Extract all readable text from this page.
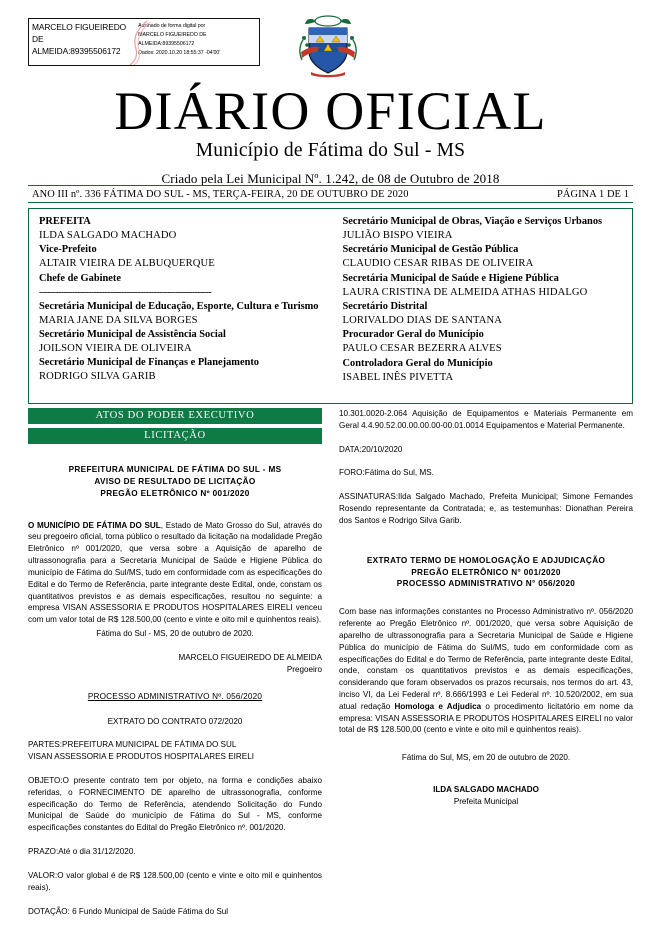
MARCELO FIGUEIREDO DE ALMEIDA:89395506172
Assinado de forma digital por
MARCELO FIGUEIREDO DE
ALMEIDA:89395506172
Dados: 2020.10.20 18:55:37 -04'00'
DIÁRIO OFICIAL
Município de Fátima do Sul - MS
Criado pela Lei Municipal Nº. 1.242, de 08 de Outubro de 2018
ANO III nº. 336 FÁTIMA DO SUL - MS, TERÇA-FEIRA, 20 DE OUTUBRO DE 2020	PÁGINA 1 DE 1
PREFEITA
ILDA SALGADO MACHADO
Vice-Prefeito
ALTAIR VIEIRA DE ALBUQUERQUE
Chefe de Gabinete
---------------------------------------------------------------
Secretária Municipal de Educação, Esporte, Cultura e Turismo
MARIA JANE DA SILVA BORGES
Secretário Municipal de Assistência Social
JOILSON VIEIRA DE OLIVEIRA
Secretário Municipal de Finanças e Planejamento
RODRIGO SILVA GARIB
Secretário Municipal de Obras, Viação e Serviços Urbanos
JULIÃO BISPO VIEIRA
Secretário Municipal de Gestão Pública
CLAUDIO CESAR RIBAS DE OLIVEIRA
Secretária Municipal de Saúde e Higiene Pública
LAURA CRISTINA DE ALMEIDA ATHAS HIDALGO
Secretário Distrital
LORIVALDO DIAS DE SANTANA
Procurador Geral do Município
PAULO CESAR BEZERRA ALVES
Controladora Geral do Município
ISABEL INÊS PIVETTA
ATOS DO PODER EXECUTIVO
LICITAÇÃO
PREFEITURA MUNICIPAL DE FÁTIMA DO SUL - MS
AVISO DE RESULTADO DE LICITAÇÃO
PREGÃO ELETRÔNICO Nº 001/2020
O MUNICÍPIO DE FÁTIMA DO SUL, Estado de Mato Grosso do Sul, através do seu pregoeiro oficial, torna público o resultado da licitação na modalidade Pregão Eletrônico nº 001/2020, que versa sobre a Aquisição de aparelho de ultrassonografia para a Secretaria Municipal de Saúde e Higiene Pública do município de Fátima do Sul/MS, tudo em conformidade com as especificações do Edital e do Termo de Referência, parte integrante deste Edital, onde, constam os quantitativos previstos e as demais especificações, resultou no seguinte: a empresa VISAN ASSESSORIA E PRODUTOS HOSPITALARES EIRELI venceu com um valor total de R$ 128.500,00 (cento e vinte e oito mil e quinhentos reais).
Fátima do Sul - MS, 20 de outubro de 2020.
MARCELO FIGUEIREDO DE ALMEIDA
Pregoeiro
PROCESSO ADMINISTRATIVO Nº. 056/2020
EXTRATO DO CONTRATO 072/2020
PARTES:PREFEITURA MUNICIPAL DE FÁTIMA DO SUL
VISAN ASSESSORIA E PRODUTOS HOSPITALARES EIRELI
OBJETO:O presente contrato tem por objeto, na forma e condições abaixo referidas, o FORNECIMENTO DE aparelho de ultrassonografia, conforme especificação do Termo de Referência, atendendo Solicitação do Fundo Municipal de Saúde do município de Fátima do Sul - MS, conforme especificações constantes do Edital do Pregão Eletrônico nº. 001/2020.
PRAZO:Até o dia 31/12/2020.
VALOR:O valor global é de R$ 128.500,00 (cento e vinte e oito mil e quinhentos reais).
DOTAÇÃO: 6 Fundo Municipal de Saúde Fátima do Sul
10.301.0020-2.064 Aquisição de Equipamentos e Materiais Permanente em Geral 4.4.90.52.00.00.00.00-00.01.0014 Equipamentos e Material Permanente.
DATA:20/10/2020
FORO:Fátima do Sul, MS.
ASSINATURAS:Ilda Salgado Machado, Prefeita Municipal; Simone Fernandes Rosendo representante da Contratada; e, as testemunhas: Dionathan Pereira dos Santos e Rodrigo Silva Garib.
EXTRATO TERMO DE HOMOLOGAÇÃO E ADJUDICAÇÃO
PREGÃO ELETRÔNICO N° 001/2020
PROCESSO ADMINISTRATIVO N° 056/2020
Com base nas informações constantes no Processo Administrativo nº. 056/2020 referente ao Pregão Eletrônico nº. 001/2020, que versa sobre Aquisição de aparelho de ultrassonografia para a Secretaria Municipal de Saúde e Higiene Pública do município de Fátima do Sul/MS, tudo em conformidade com as especificações do Edital e do Termo de Referência, parte integrante deste Edital, onde, constam os quantitativos previstos e as demais especificações, considerando que foram observados os prazos recursais, nos termos do art. 43, inciso VI, da Lei Federal nº. 8.666/1993 e Lei Federal nº. 10.520/2002, em sua atual redação Homologa e Adjudica o procedimento licitatório em nome da empresa: VISAN ASSESSORIA E PRODUTOS HOSPITALARES EIRELI no valor total de R$ 128.500,00 (cento e vinte e oito mil e quinhentos reais).
Fátima do Sul, MS, em 20 de outubro de 2020.
ILDA SALGADO MACHADO
Prefeita Municipal
